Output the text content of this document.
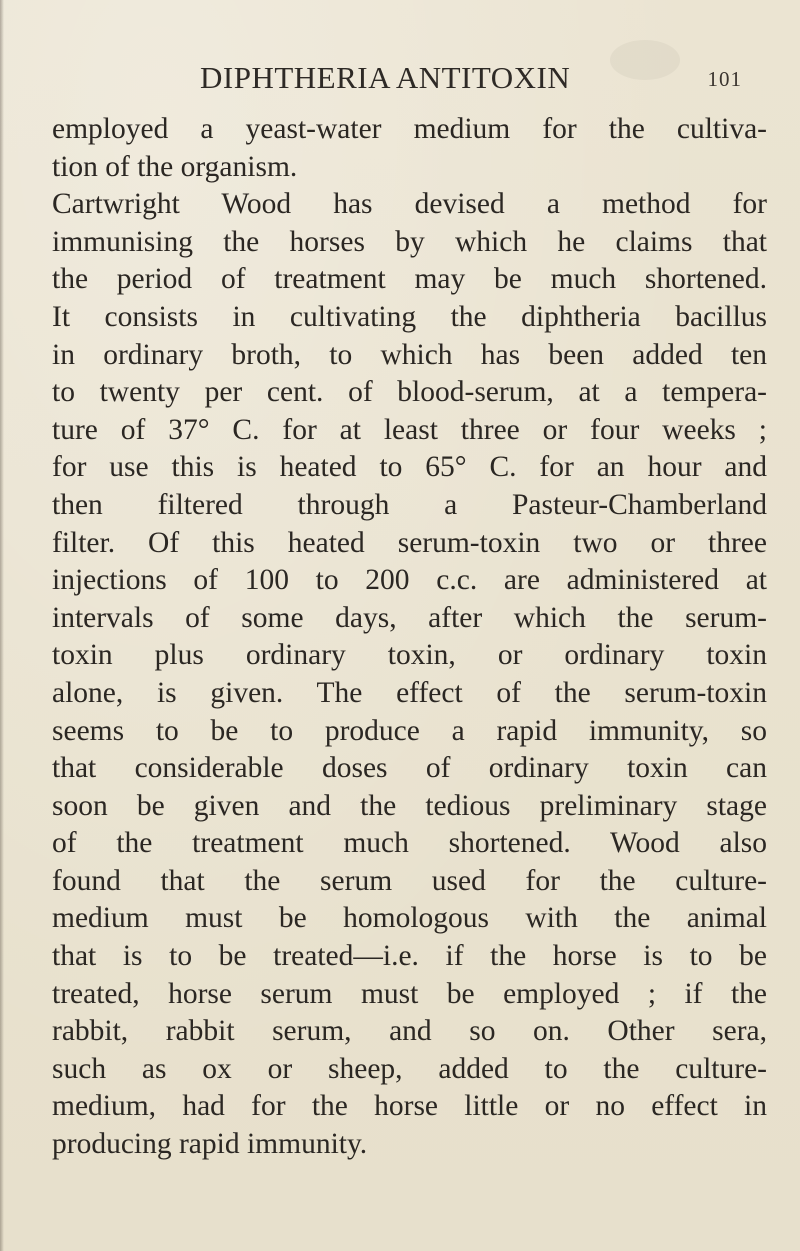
DIPHTHERIA ANTITOXIN	101
employed a yeast-water medium for the cultiva-
tion of the organism.
Cartwright Wood has devised a method for
immunising the horses by which he claims that
the period of treatment may be much shortened.
It consists in cultivating the diphtheria bacillus
in ordinary broth, to which has been added ten
to twenty per cent. of blood-serum, at a tempera-
ture of 37° C. for at least three or four weeks ;
for use this is heated to 65° C. for an hour and
then filtered through a Pasteur-Chamberland
filter. Of this heated serum-toxin two or three
injections of 100 to 200 c.c. are administered at
intervals of some days, after which the serum-
toxin plus ordinary toxin, or ordinary toxin
alone, is given. The effect of the serum-toxin
seems to be to produce a rapid immunity, so
that considerable doses of ordinary toxin can
soon be given and the tedious preliminary stage
of the treatment much shortened. Wood also
found that the serum used for the culture-
medium must be homologous with the animal
that is to be treated—i.e. if the horse is to be
treated, horse serum must be employed ; if the
rabbit, rabbit serum, and so on. Other sera,
such as ox or sheep, added to the culture-
medium, had for the horse little or no effect in
producing rapid immunity.
